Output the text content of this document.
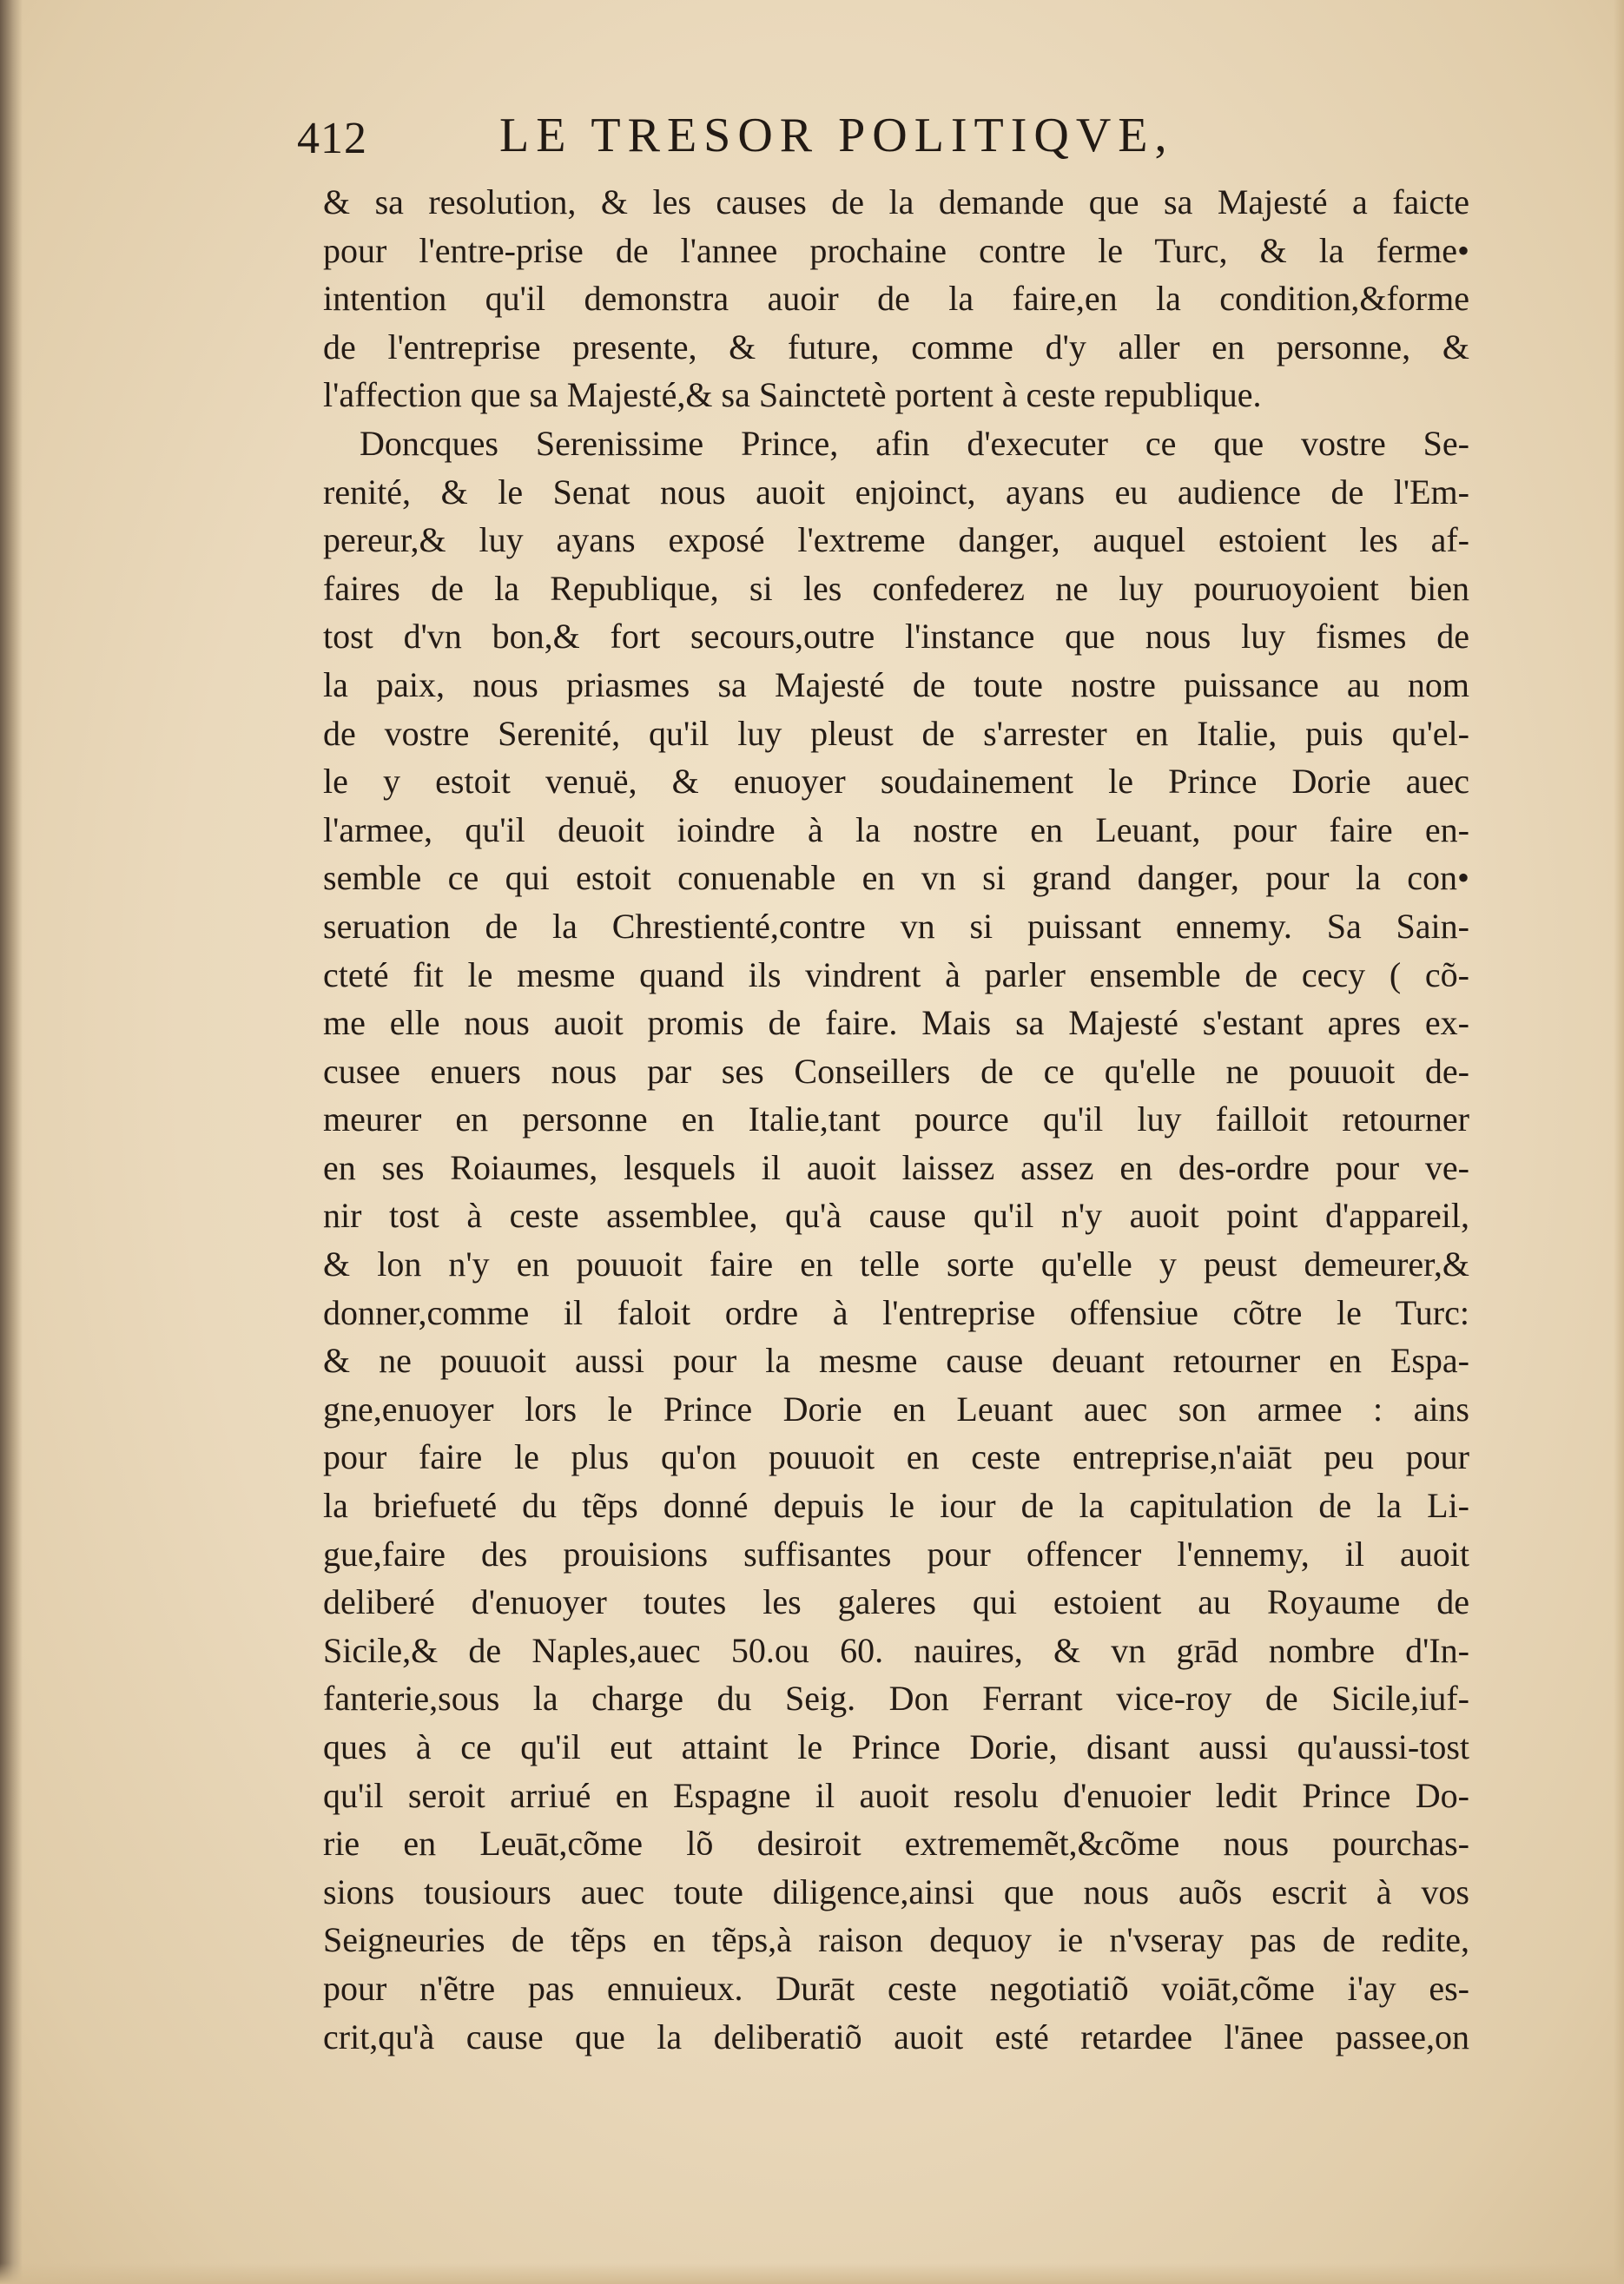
412	LE TRESOR POLITIQVE,
& sa resolution, & les causes de la demande que sa Majesté a faicte
pour l'entre-prise de l'annee prochaine contre le Turc, & la ferme•
intention qu'il demonstra auoir de la faire,en la condition,&forme
de l'entreprise presente, & future, comme d'y aller en personne, &
l'affection que sa Majesté,& sa Sainctetè portent à ceste republique.
Doncques Serenissime Prince, afin d'executer ce que vostre Se-
renité, & le Senat nous auoit enjoinct, ayans eu audience de l'Em-
pereur,& luy ayans exposé l'extreme danger, auquel estoient les af-
faires de la Republique, si les confederez ne luy pouruoyoient bien
tost d'vn bon,& fort secours,outre l'instance que nous luy fismes de
la paix, nous priasmes sa Majesté de toute nostre puissance au nom
de vostre Serenité, qu'il luy pleust de s'arrester en Italie, puis qu'el-
le y estoit venuë, & enuoyer soudainement le Prince Dorie auec
l'armee, qu'il deuoit ioindre à la nostre en Leuant, pour faire en-
semble ce qui estoit conuenable en vn si grand danger, pour la con•
seruation de la Chrestienté,contre vn si puissant ennemy. Sa Sain-
cteté fit le mesme quand ils vindrent à parler ensemble de cecy ( cõ-
me elle nous auoit promis de faire. Mais sa Majesté s'estant apres ex-
cusee enuers nous par ses Conseillers de ce qu'elle ne pouuoit de-
meurer en personne en Italie,tant pource qu'il luy failloit retourner
en ses Roiaumes, lesquels il auoit laissez assez en des-ordre pour ve-
nir tost à ceste assemblee, qu'à cause qu'il n'y auoit point d'appareil,
& lon n'y en pouuoit faire en telle sorte qu'elle y peust demeurer,&
donner,comme il faloit ordre à l'entreprise offensiue cõtre le Turc:
& ne pouuoit aussi pour la mesme cause deuant retourner en Espa-
gne,enuoyer lors le Prince Dorie en Leuant auec son armee : ains
pour faire le plus qu'on pouuoit en ceste entreprise,n'aiāt peu pour
la briefueté du tẽps donné depuis le iour de la capitulation de la Li-
gue,faire des prouisions suffisantes pour offencer l'ennemy, il auoit
deliberé d'enuoyer toutes les galeres qui estoient au Royaume de
Sicile,& de Naples,auec 50.ou 60. nauires, & vn grād nombre d'In-
fanterie,sous la charge du Seig. Don Ferrant vice-roy de Sicile,iuf-
ques à ce qu'il eut attaint le Prince Dorie, disant aussi qu'aussi-tost
qu'il seroit arriué en Espagne il auoit resolu d'enuoier ledit Prince Do-
rie en Leuāt,cõme lõ desiroit extrememẽt,&cõme nous pourchas-
sions tousiours auec toute diligence,ainsi que nous auõs escrit à vos
Seigneuries de tẽps en tẽps,à raison dequoy ie n'vseray pas de redite,
pour n'ẽtre pas ennuieux. Durāt ceste negotiatiõ voiāt,cõme i'ay es-
crit,qu'à cause que la deliberatiõ auoit esté retardee l'ānee passee,on
